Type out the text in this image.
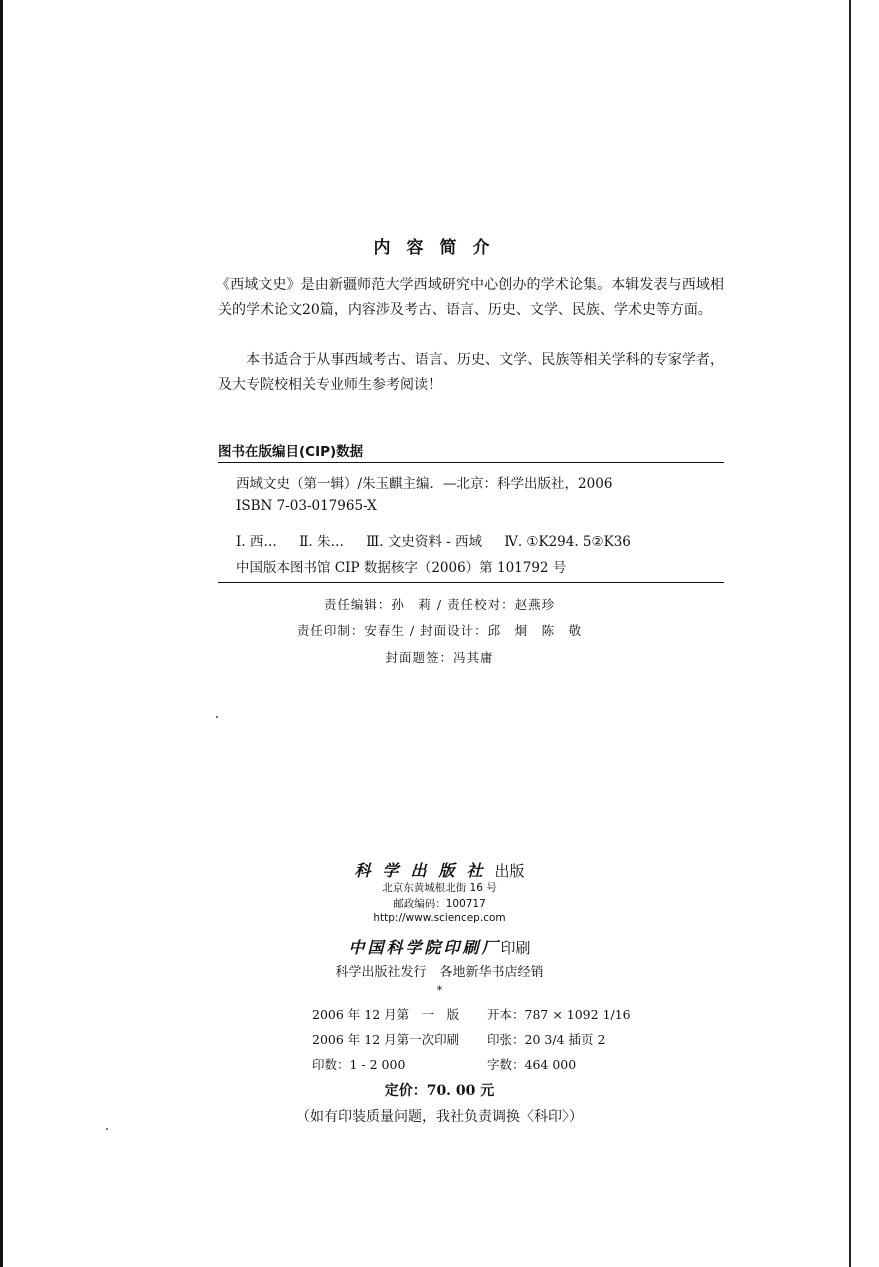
内容简介

《西域文史》是由新疆师范大学西域研究中心创办的学术论集。本辑发表与西域相关的学术论文20篇，内容涉及考古、语言、历史、文学、民族、学术史等方面。

本书适合于从事西域考古、语言、历史、文学、民族等相关学科的专家学者，及大专院校相关专业师生参考阅读！

图书在版编目(CIP)数据
西域文史（第一辑）/朱玉麒主编．—北京：科学出版社，2006
ISBN 7-03-017965-X
Ⅰ. 西… Ⅱ. 朱… Ⅲ. 文史资料 - 西域 Ⅳ. ①K294. 5②K36
中国版本图书馆 CIP 数据核字（2006）第 101792 号
责任编辑：孙　莉 / 责任校对：赵燕珍
责任印制：安春生 / 封面设计：邱　炯　陈　敬
封面题签：冯其庸
科学出版社出版
北京东黄城根北街 16 号
邮政编码：100717
http://www.sciencep.com
中国科学院印刷厂印刷
科学出版社发行　各地新华书店经销
*
2006 年 12 月第　一　版 开本：787 × 1092 1/16
2006 年 12 月第一次印刷 印张：20 3/4 插页 2
印数：1 - 2 000	字数：464 000
定价：70. 00 元
（如有印装质量问题，我社负责调换〈科印〉）
